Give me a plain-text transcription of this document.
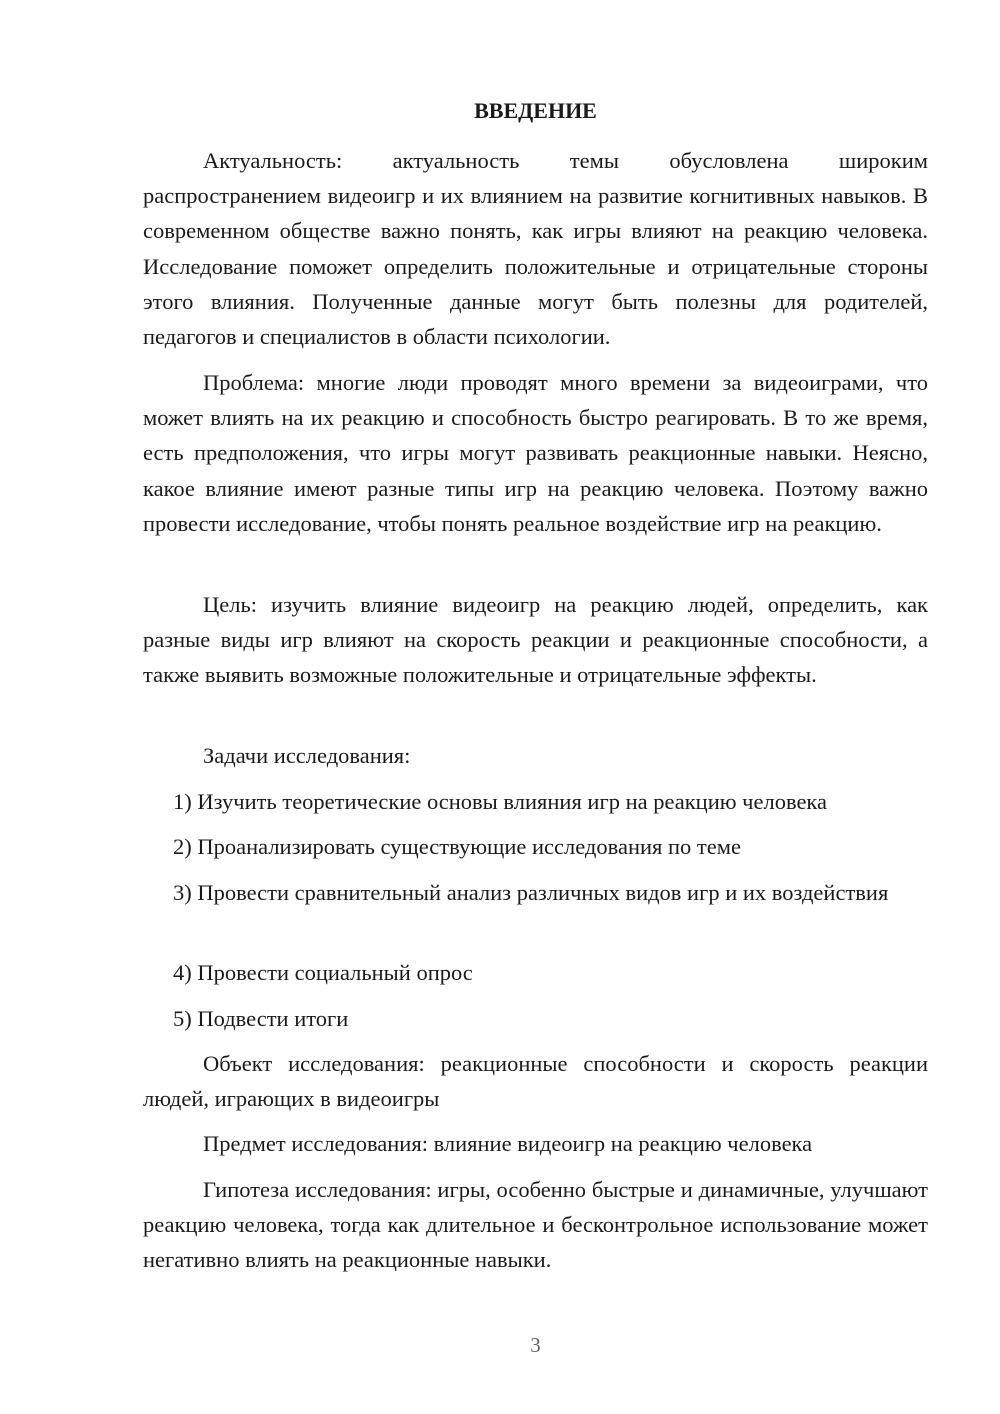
ВВЕДЕНИЕ

Актуальность: актуальность темы обусловлена широким распространением видеоигр и их влиянием на развитие когнитивных навыков. В современном обществе важно понять, как игры влияют на реакцию человека. Исследование поможет определить положительные и отрицательные стороны этого влияния. Полученные данные могут быть полезны для родителей, педагогов и специалистов в области психологии.

Проблема: многие люди проводят много времени за видеоиграми, что может влиять на их реакцию и способность быстро реагировать. В то же время, есть предположения, что игры могут развивать реакционные навыки. Неясно, какое влияние имеют разные типы игр на реакцию человека. Поэтому важно провести исследование, чтобы понять реальное воздействие игр на реакцию.

Цель: изучить влияние видеоигр на реакцию людей, определить, как разные виды игр влияют на скорость реакции и реакционные способности, а также выявить возможные положительные и отрицательные эффекты.

Задачи исследования:

1) Изучить теоретические основы влияния игр на реакцию человека

2) Проанализировать существующие исследования по теме

3) Провести сравнительный анализ различных видов игр и их воздействия

4) Провести социальный опрос

5) Подвести итоги

Объект исследования: реакционные способности и скорость реакции людей, играющих в видеоигры

Предмет исследования: влияние видеоигр на реакцию человека

Гипотеза исследования: игры, особенно быстрые и динамичные, улучшают реакцию человека, тогда как длительное и бесконтрольное использование может негативно влиять на реакционные навыки.

3
